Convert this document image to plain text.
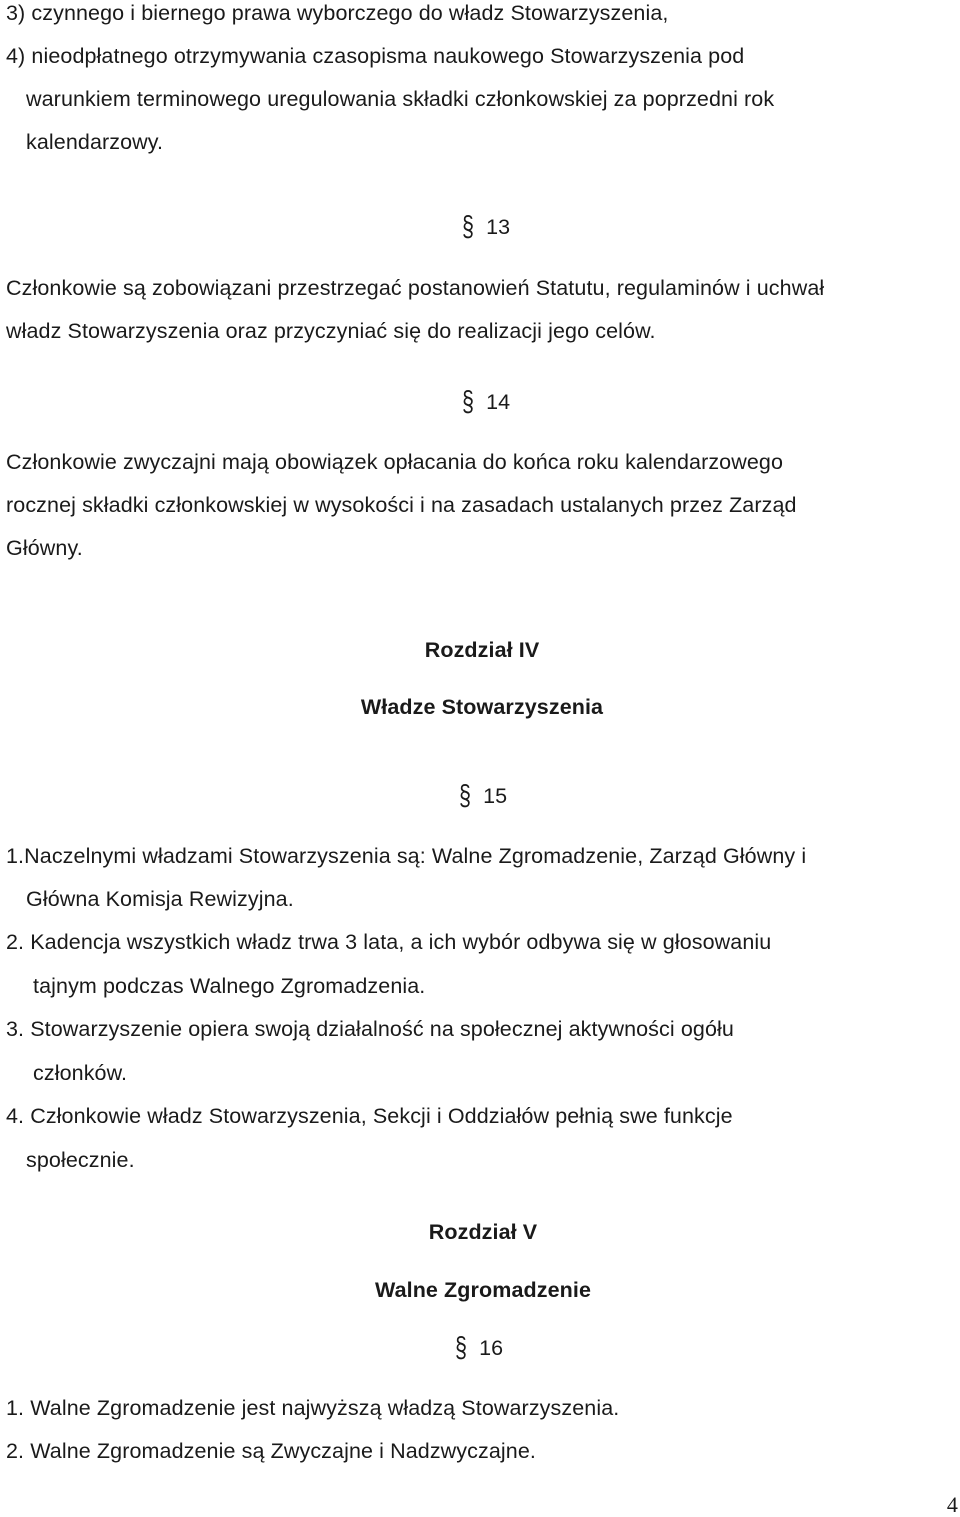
3) czynnego i biernego prawa wyborczego do władz Stowarzyszenia,
4) nieodpłatnego otrzymywania czasopisma naukowego Stowarzyszenia pod
warunkiem terminowego uregulowania składki członkowskiej za poprzedni rok
kalendarzowy.
§ 13
Członkowie są zobowiązani przestrzegać postanowień Statutu, regulaminów i uchwał
władz Stowarzyszenia oraz przyczyniać się do realizacji jego celów.
§ 14
Członkowie zwyczajni mają obowiązek opłacania do końca roku kalendarzowego
rocznej składki członkowskiej w wysokości i na zasadach ustalanych przez Zarząd
Główny.
Rozdział IV
Władze Stowarzyszenia
§ 15
1.Naczelnymi władzami Stowarzyszenia są: Walne Zgromadzenie, Zarząd Główny i
Główna Komisja Rewizyjna.
2. Kadencja wszystkich władz trwa 3 lata, a ich wybór odbywa się w głosowaniu
tajnym podczas Walnego Zgromadzenia.
3. Stowarzyszenie opiera swoją działalność na społecznej aktywności ogółu
członków.
4. Członkowie władz Stowarzyszenia, Sekcji i Oddziałów pełnią swe funkcje
społecznie.
Rozdział V
Walne Zgromadzenie
§ 16
1. Walne Zgromadzenie jest najwyższą władzą Stowarzyszenia.
2. Walne Zgromadzenie są Zwyczajne i Nadzwyczajne.
4
